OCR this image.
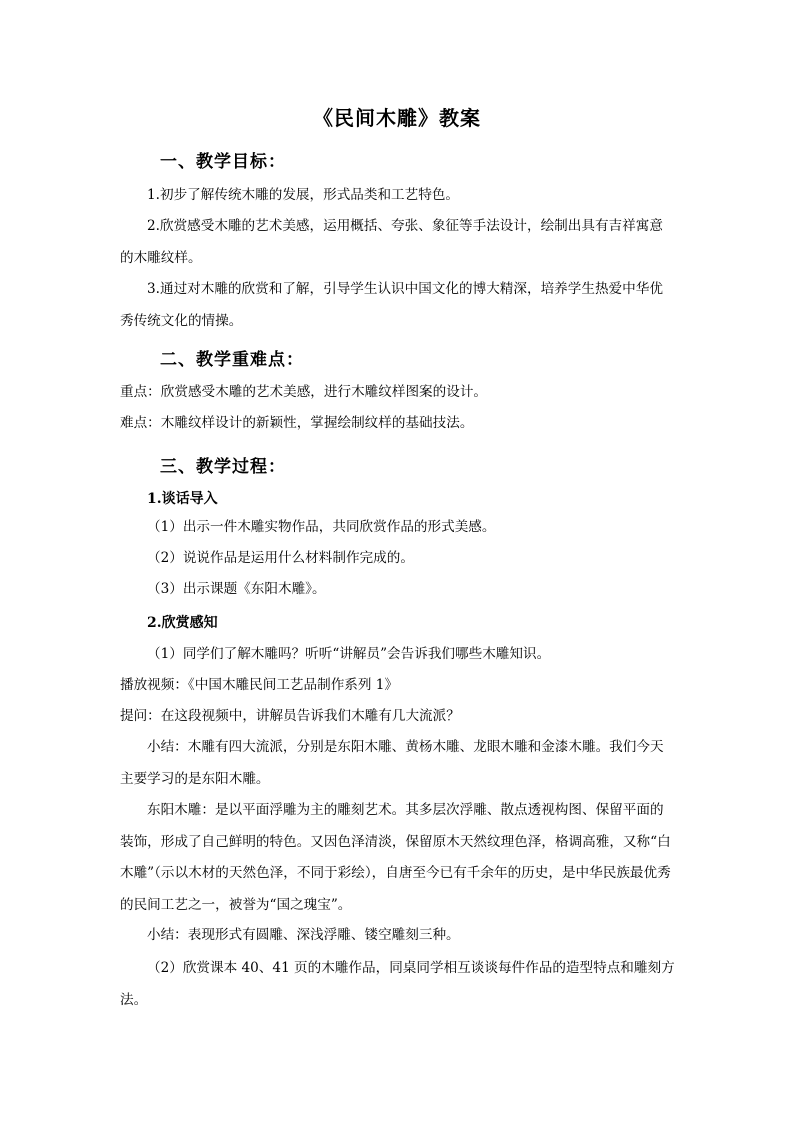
《民间木雕》教案
一、教学目标：
1.初步了解传统木雕的发展，形式品类和工艺特色。
2.欣赏感受木雕的艺术美感，运用概括、夸张、象征等手法设计，绘制出具有吉祥寓意的木雕纹样。
3.通过对木雕的欣赏和了解，引导学生认识中国文化的博大精深，培养学生热爱中华优秀传统文化的情操。
二、教学重难点：
重点：欣赏感受木雕的艺术美感，进行木雕纹样图案的设计。
难点：木雕纹样设计的新颖性，掌握绘制纹样的基础技法。
三、教学过程：
1.谈话导入
（1）出示一件木雕实物作品，共同欣赏作品的形式美感。
（2）说说作品是运用什么材料制作完成的。
（3）出示课题《东阳木雕》。
2.欣赏感知
（1）同学们了解木雕吗？听听“讲解员”会告诉我们哪些木雕知识。
播放视频：《中国木雕民间工艺品制作系列 1》
提问：在这段视频中，讲解员告诉我们木雕有几大流派？
小结：木雕有四大流派，分别是东阳木雕、黄杨木雕、龙眼木雕和金漆木雕。我们今天主要学习的是东阳木雕。
东阳木雕：是以平面浮雕为主的雕刻艺术。其多层次浮雕、散点透视构图、保留平面的装饰，形成了自己鲜明的特色。又因色泽清淡，保留原木天然纹理色泽，格调高雅，又称“白木雕”（示以木材的天然色泽，不同于彩绘），自唐至今已有千余年的历史，是中华民族最优秀的民间工艺之一，被誉为“国之瑰宝”。
小结：表现形式有圆雕、深浅浮雕、镂空雕刻三种。
（2）欣赏课本 40、41 页的木雕作品，同桌同学相互谈谈每件作品的造型特点和雕刻方法。
